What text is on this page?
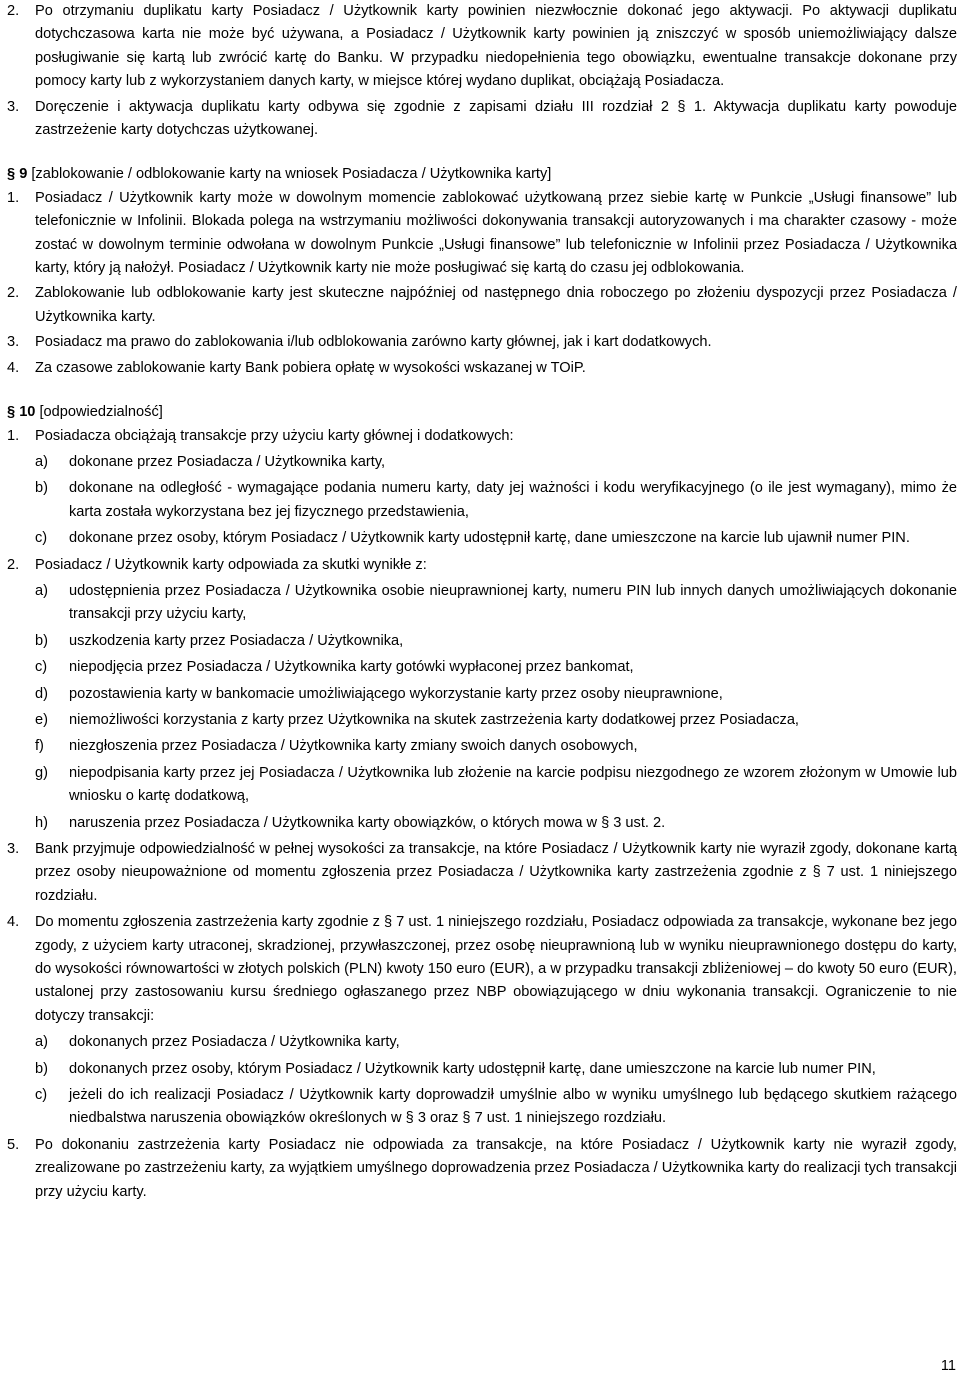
2.	Po otrzymaniu duplikatu karty Posiadacz / Użytkownik karty powinien niezwłocznie dokonać jego aktywacji. Po aktywacji duplikatu dotychczasowa karta nie może być używana, a Posiadacz / Użytkownik karty powinien ją zniszczyć w sposób uniemożliwiający dalsze posługiwanie się kartą lub zwrócić kartę do Banku. W przypadku niedopełnienia tego obowiązku, ewentualne transakcje dokonane przy pomocy karty lub z wykorzystaniem danych karty, w miejsce której wydano duplikat, obciążają Posiadacza.
3.	Doręczenie i aktywacja duplikatu karty odbywa się zgodnie z zapisami działu III rozdział 2 § 1. Aktywacja duplikatu karty powoduje zastrzeżenie karty dotychczas użytkowanej.
§ 9 [zablokowanie / odblokowanie karty na wniosek Posiadacza / Użytkownika karty]
1.	Posiadacz / Użytkownik karty może w dowolnym momencie zablokować użytkowaną przez siebie kartę w Punkcie „Usługi finansowe” lub telefonicznie w Infolinii. Blokada polega na wstrzymaniu możliwości dokonywania transakcji autoryzowanych i ma charakter czasowy - może zostać w dowolnym terminie odwołana w dowolnym Punkcie „Usługi finansowe” lub telefonicznie w Infolinii przez Posiadacza / Użytkownika karty, który ją nałożył. Posiadacz / Użytkownik karty nie może posługiwać się kartą do czasu jej odblokowania.
2.	Zablokowanie lub odblokowanie karty jest skuteczne najpóźniej od następnego dnia roboczego po złożeniu dyspozycji przez Posiadacza / Użytkownika karty.
3.	Posiadacz ma prawo do zablokowania i/lub odblokowania zarówno karty głównej, jak i kart dodatkowych.
4.	Za czasowe zablokowanie karty Bank pobiera opłatę w wysokości wskazanej w TOiP.
§ 10 [odpowiedzialność]
1.	Posiadacza obciążają transakcje przy użyciu karty głównej i dodatkowych:
a)	dokonane przez Posiadacza / Użytkownika karty,
b)	dokonane na odległość - wymagające podania numeru karty, daty jej ważności i kodu weryfikacyjnego (o ile jest wymagany), mimo że karta została wykorzystana bez jej fizycznego przedstawienia,
c)	dokonane przez osoby, którym Posiadacz / Użytkownik karty udostępnił kartę, dane umieszczone na karcie lub ujawnił numer PIN.
2.	Posiadacz / Użytkownik karty odpowiada za skutki wynikłe z:
a)	udostępnienia przez Posiadacza / Użytkownika osobie nieuprawnionej karty, numeru PIN lub innych danych umożliwiających dokonanie transakcji przy użyciu karty,
b)	uszkodzenia karty przez Posiadacza / Użytkownika,
c)	niepodjęcia przez Posiadacza / Użytkownika karty gotówki wypłaconej przez bankomat,
d)	pozostawienia karty w bankomacie umożliwiającego wykorzystanie karty przez osoby nieuprawnione,
e)	niemożliwości korzystania z karty przez Użytkownika na skutek zastrzeżenia karty dodatkowej przez Posiadacza,
f)	niezgłoszenia przez Posiadacza / Użytkownika karty zmiany swoich danych osobowych,
g)	niepodpisania karty przez jej Posiadacza / Użytkownika lub złożenie na karcie podpisu niezgodnego ze wzorem złożonym w Umowie lub wniosku o kartę dodatkową,
h)	naruszenia przez Posiadacza / Użytkownika karty obowiązków, o których mowa w § 3 ust. 2.
3.	Bank przyjmuje odpowiedzialność w pełnej wysokości za transakcje, na które Posiadacz / Użytkownik karty nie wyraził zgody, dokonane kartą przez osoby nieupoważnione od momentu zgłoszenia przez Posiadacza / Użytkownika karty zastrzeżenia zgodnie z § 7 ust. 1 niniejszego rozdziału.
4.	Do momentu zgłoszenia zastrzeżenia karty zgodnie z § 7 ust. 1 niniejszego rozdziału, Posiadacz odpowiada za transakcje, wykonane bez jego zgody, z użyciem karty utraconej, skradzionej, przywłaszczonej, przez osobę nieuprawnioną lub w wyniku nieuprawnionego dostępu do karty, do wysokości równowartości w złotych polskich (PLN) kwoty 150 euro (EUR), a w przypadku transakcji zbliżeniowej – do kwoty 50 euro (EUR), ustalonej przy zastosowaniu kursu średniego ogłaszanego przez NBP obowiązującego w dniu wykonania transakcji. Ograniczenie to nie dotyczy transakcji:
a)	dokonanych przez Posiadacza / Użytkownika karty,
b)	dokonanych przez osoby, którym Posiadacz / Użytkownik karty udostępnił kartę, dane umieszczone na karcie lub numer PIN,
c)	jeżeli do ich realizacji Posiadacz / Użytkownik karty doprowadził umyślnie albo w wyniku umyślnego lub będącego skutkiem rażącego niedbalstwa naruszenia obowiązków określonych w § 3 oraz § 7 ust. 1 niniejszego rozdziału.
5.	Po dokonaniu zastrzeżenia karty Posiadacz nie odpowiada za transakcje, na które Posiadacz / Użytkownik karty nie wyraził zgody, zrealizowane po zastrzeżeniu karty, za wyjątkiem umyślnego doprowadzenia przez Posiadacza / Użytkownika karty do realizacji tych transakcji przy użyciu karty.
11
